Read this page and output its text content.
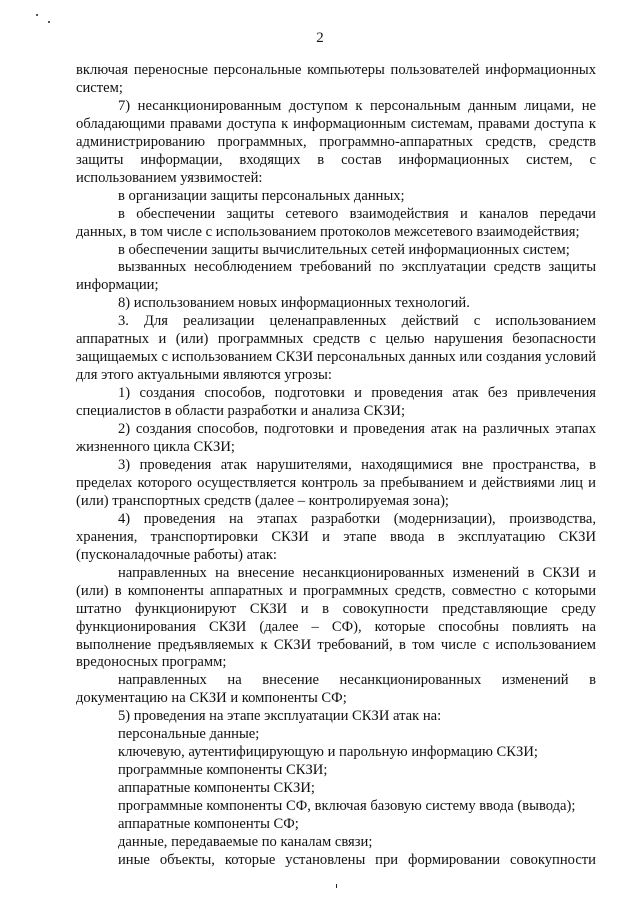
2

включая переносные персональные компьютеры пользователей информационных систем;

7) несанкционированным доступом к персональным данным лицами, не обладающими правами доступа к информационным системам, правами доступа к администрированию программных, программно-аппаратных средств, средств защиты информации, входящих в состав информационных систем, с использованием уязвимостей:

в организации защиты персональных данных;

в обеспечении защиты сетевого взаимодействия и каналов передачи данных, в том числе с использованием протоколов межсетевого взаимодействия;

в обеспечении защиты вычислительных сетей информационных систем;

вызванных несоблюдением требований по эксплуатации средств защиты информации;

8) использованием новых информационных технологий.

3. Для реализации целенаправленных действий с использованием аппаратных и (или) программных средств с целью нарушения безопасности защищаемых с использованием СКЗИ персональных данных или создания условий для этого актуальными являются угрозы:

1) создания способов, подготовки и проведения атак без привлечения специалистов в области разработки и анализа СКЗИ;

2) создания способов, подготовки и проведения атак на различных этапах жизненного цикла СКЗИ;

3) проведения атак нарушителями, находящимися вне пространства, в пределах которого осуществляется контроль за пребыванием и действиями лиц и (или) транспортных средств (далее – контролируемая зона);

4) проведения на этапах разработки (модернизации), производства, хранения, транспортировки СКЗИ и этапе ввода в эксплуатацию СКЗИ (пусконаладочные работы) атак:

направленных на внесение несанкционированных изменений в СКЗИ и (или) в компоненты аппаратных и программных средств, совместно с которыми штатно функционируют СКЗИ и в совокупности представляющие среду функционирования СКЗИ (далее – СФ), которые способны повлиять на выполнение предъявляемых к СКЗИ требований, в том числе с использованием вредоносных программ;

направленных на внесение несанкционированных изменений в документацию на СКЗИ и компоненты СФ;

5) проведения на этапе эксплуатации СКЗИ атак на:

персональные данные;

ключевую, аутентифицирующую и парольную информацию СКЗИ;

программные компоненты СКЗИ;

аппаратные компоненты СКЗИ;

программные компоненты СФ, включая базовую систему ввода (вывода);

аппаратные компоненты СФ;

данные, передаваемые по каналам связи;

иные объекты, которые установлены при формировании совокупности
